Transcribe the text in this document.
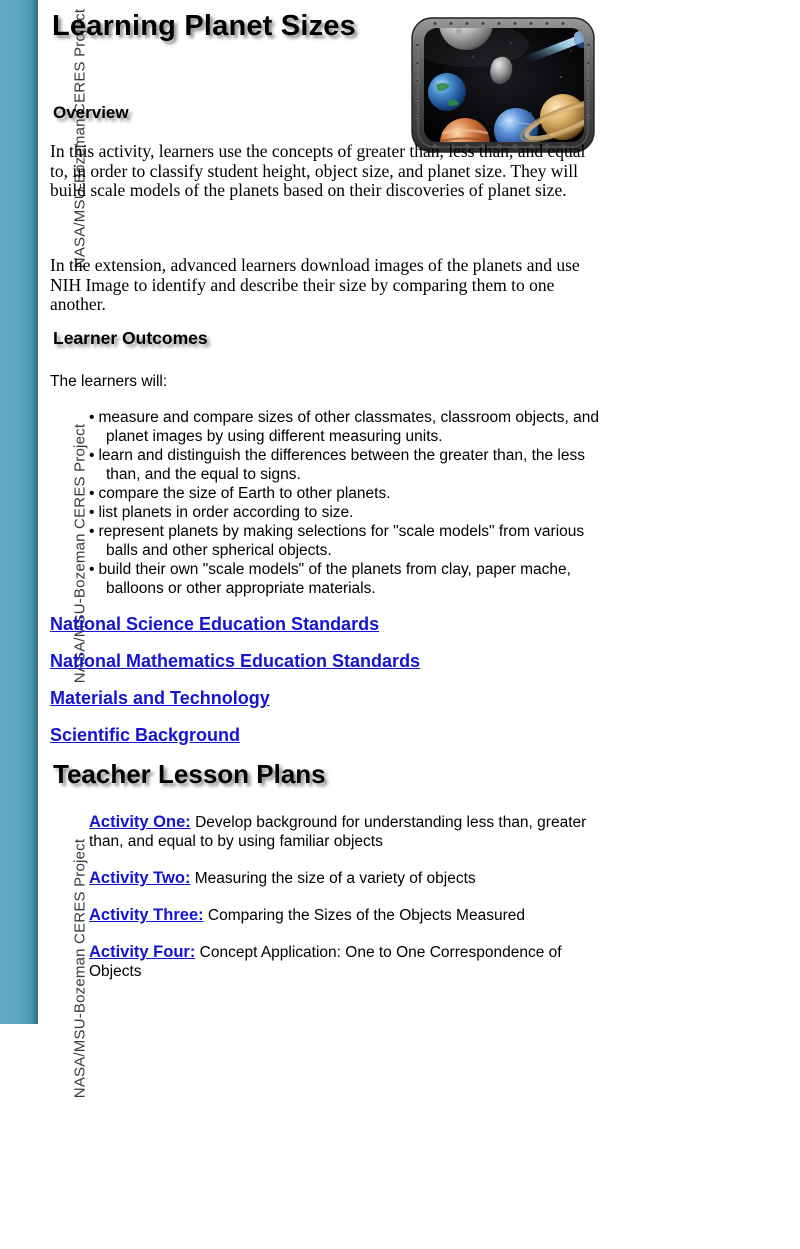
NASA/MSU-Bozeman CERES Project
NASA/MSU-Bozeman CERES Project
NASA/MSU-Bozeman CERES Project
Learning Planet Sizes
Overview
In this activity, learners use the concepts of greater than, less than, and equal to, in order to classify student height, object size, and planet size. They will build scale models of the planets based on their discoveries of planet size.
In the extension, advanced learners download images of the planets and use NIH Image to identify and describe their size by comparing them to one another.
Learner Outcomes
The learners will:

• measure and compare sizes of other classmates, classroom objects, and planet images by using different measuring units.

• learn and distinguish the differences between the greater than, the less than, and the equal to signs.

• compare the size of Earth to other planets.

• list planets in order according to size.

• represent planets by making selections for "scale models" from various balls and other spherical objects.

• build their own "scale models" of the planets from clay, paper mache, balloons or other appropriate materials.

National Science Education Standards
National Mathematics Education Standards
Materials and Technology
Scientific Background
Teacher Lesson Plans

Activity One: Develop background for understanding less than, greater than, and equal to by using familiar objects

Activity Two: Measuring the size of a variety of objects

Activity Three: Comparing the Sizes of the Objects Measured

Activity Four: Concept Application: One to One Correspondence of Objects
